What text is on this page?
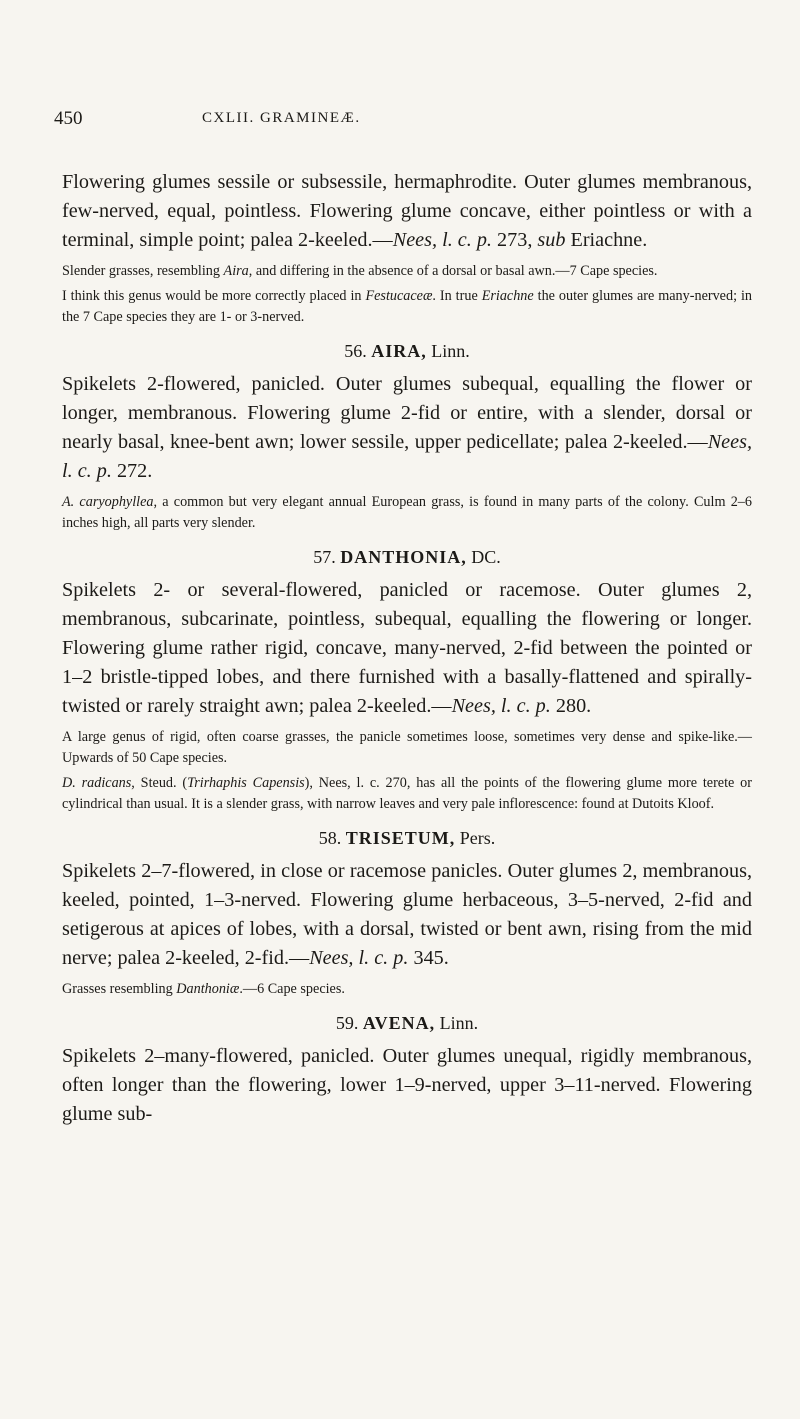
450	CXLII. GRAMINEÆ.

Flowering glumes sessile or subsessile, hermaphrodite. Outer glumes membranous, few-nerved, equal, pointless. Flowering glume concave, either pointless or with a terminal, simple point; palea 2-keeled.—Nees, l. c. p. 273, sub Eriachne.

Slender grasses, resembling Aira, and differing in the absence of a dorsal or basal awn.—7 Cape species.

I think this genus would be more correctly placed in Festucaceæ. In true Eriachne the outer glumes are many-nerved; in the 7 Cape species they are 1- or 3-nerved.

56. AIRA, Linn.

Spikelets 2-flowered, panicled. Outer glumes subequal, equalling the flower or longer, membranous. Flowering glume 2-fid or entire, with a slender, dorsal or nearly basal, knee-bent awn; lower sessile, upper pedicellate; palea 2-keeled.—Nees, l. c. p. 272.

A. caryophyllea, a common but very elegant annual European grass, is found in many parts of the colony. Culm 2–6 inches high, all parts very slender.

57. DANTHONIA, DC.

Spikelets 2- or several-flowered, panicled or racemose. Outer glumes 2, membranous, subcarinate, pointless, subequal, equalling the flowering or longer. Flowering glume rather rigid, concave, many-nerved, 2-fid between the pointed or 1–2 bristle-tipped lobes, and there furnished with a basally-flattened and spirally-twisted or rarely straight awn; palea 2-keeled.—Nees, l. c. p. 280.

A large genus of rigid, often coarse grasses, the panicle sometimes loose, sometimes very dense and spike-like.—Upwards of 50 Cape species.

D. radicans, Steud. (Trirhaphis Capensis), Nees, l. c. 270, has all the points of the flowering glume more terete or cylindrical than usual. It is a slender grass, with narrow leaves and very pale inflorescence: found at Dutoits Kloof.

58. TRISETUM, Pers.

Spikelets 2–7-flowered, in close or racemose panicles. Outer glumes 2, membranous, keeled, pointed, 1–3-nerved. Flowering glume herbaceous, 3–5-nerved, 2-fid and setigerous at apices of lobes, with a dorsal, twisted or bent awn, rising from the mid nerve; palea 2-keeled, 2-fid.—Nees, l. c. p. 345.

Grasses resembling Danthoniæ.—6 Cape species.

59. AVENA, Linn.

Spikelets 2–many-flowered, panicled. Outer glumes unequal, rigidly membranous, often longer than the flowering, lower 1–9-nerved, upper 3–11-nerved. Flowering glume sub-
